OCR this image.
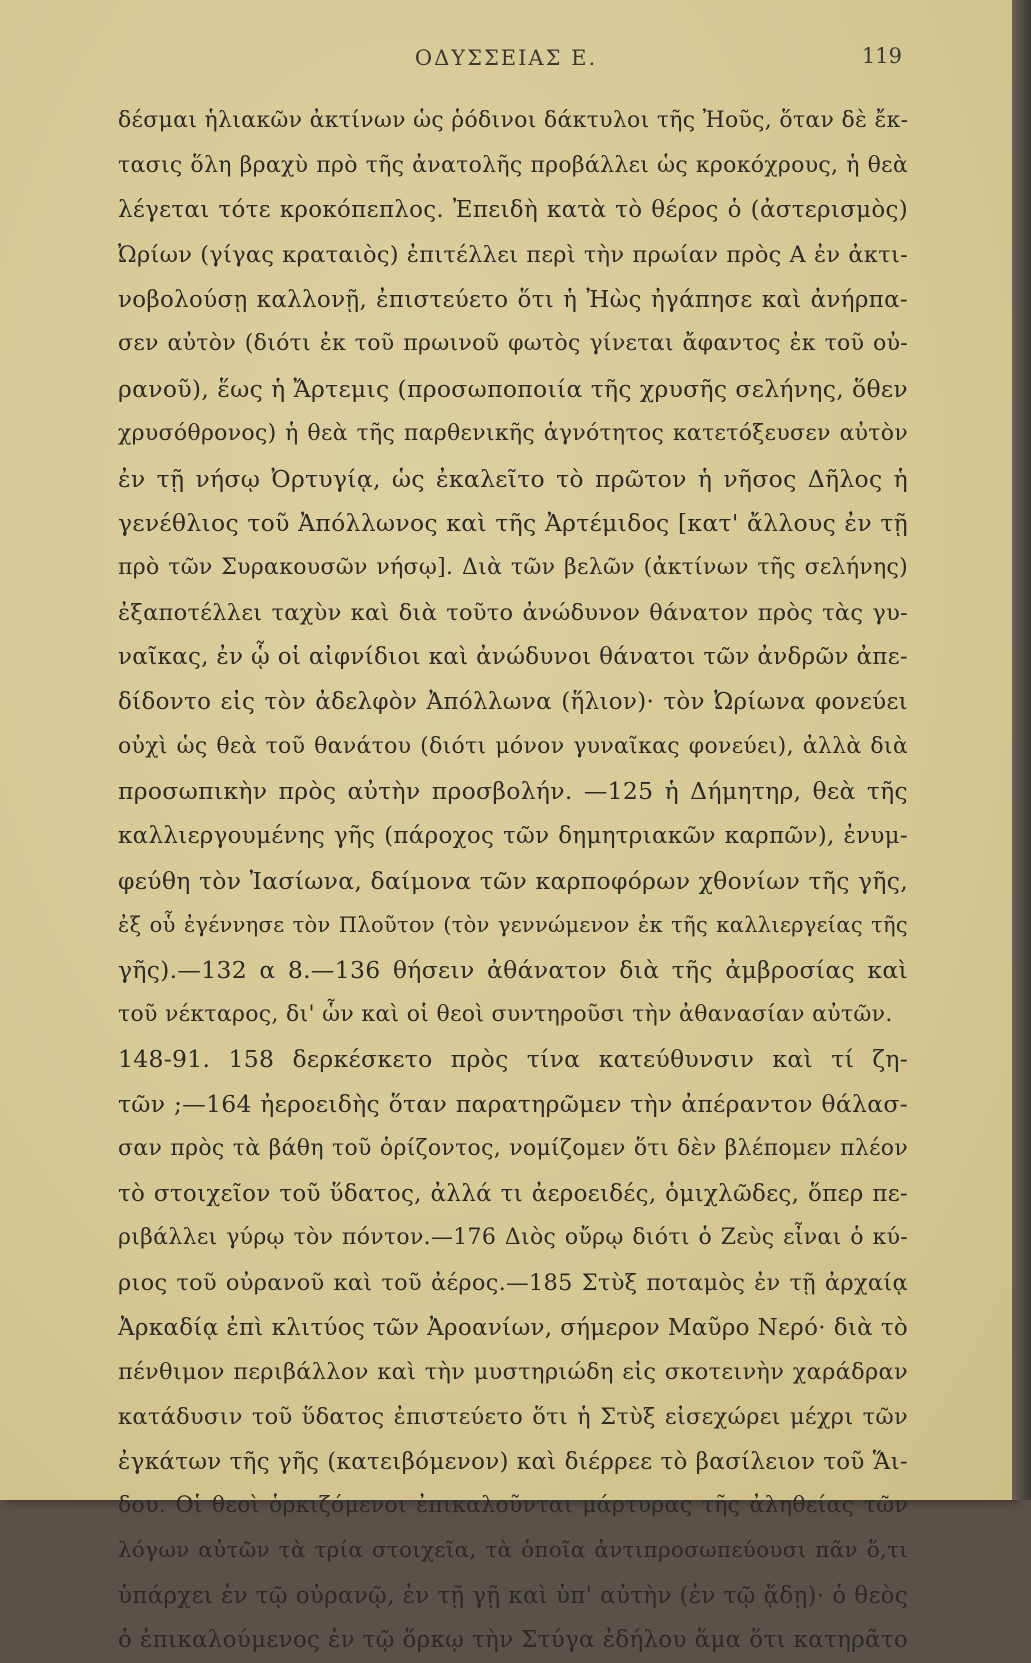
ΟΔΥΣΣΕΙΑΣ Ε.	119
δέσμαι ἡλιακῶν ἀκτίνων ὡς ῥόδινοι δάκτυλοι τῆς Ἠοῦς, ὅταν δὲ ἔκ-
τασις ὅλη βραχὺ πρὸ τῆς ἀνατολῆς προβάλλει ὡς κροκόχρους, ἡ θεὰ
λέγεται τότε κροκόπεπλος. Ἐπειδὴ κατὰ τὸ θέρος ὁ (ἀστερισμὸς)
Ὠρίων (γίγας κραταιὸς) ἐπιτέλλει περὶ τὴν πρωίαν πρὸς Α ἐν ἀκτι-
νοβολούσῃ καλλονῇ, ἐπιστεύετο ὅτι ἡ Ἠὼς ἠγάπησε καὶ ἀνήρπα-
σεν αὐτὸν (διότι ἐκ τοῦ πρωινοῦ φωτὸς γίνεται ἄφαντος ἐκ τοῦ οὐ-
ρανοῦ), ἕως ἡ Ἄρτεμις (προσωποποιία τῆς χρυσῆς σελήνης, ὅθεν
χρυσόθρονος) ἡ θεὰ τῆς παρθενικῆς ἁγνότητος κατετόξευσεν αὐτὸν
ἐν τῇ νήσῳ Ὀρτυγίᾳ, ὡς ἐκαλεῖτο τὸ πρῶτον ἡ νῆσος Δῆλος ἡ
γενέθλιος τοῦ Ἀπόλλωνος καὶ τῆς Ἀρτέμιδος [κατ' ἄλλους ἐν τῇ
πρὸ τῶν Συρακουσῶν νήσῳ]. Διὰ τῶν βελῶν (ἀκτίνων τῆς σελήνης)
ἐξαποτέλλει ταχὺν καὶ διὰ τοῦτο ἀνώδυνον θάνατον πρὸς τὰς γυ-
ναῖκας, ἐν ᾧ οἱ αἰφνίδιοι καὶ ἀνώδυνοι θάνατοι τῶν ἀνδρῶν ἀπε-
δίδοντο εἰς τὸν ἀδελφὸν Ἀπόλλωνα (ἥλιον)· τὸν Ὠρίωνα φονεύει
οὐχὶ ὡς θεὰ τοῦ θανάτου (διότι μόνον γυναῖκας φονεύει), ἀλλὰ διὰ
προσωπικὴν πρὸς αὐτὴν προσβολήν. —125 ἡ Δήμητηρ, θεὰ τῆς
καλλιεργουμένης γῆς (πάροχος τῶν δημητριακῶν καρπῶν), ἐνυμ-
φεύθη τὸν Ἰασίωνα, δαίμονα τῶν καρποφόρων χθονίων τῆς γῆς,
ἐξ οὗ ἐγέννησε τὸν Πλοῦτον (τὸν γεννώμενον ἐκ τῆς καλλιεργείας τῆς
γῆς).—132 α 8.—136 θήσειν ἀθάνατον διὰ τῆς ἀμβροσίας καὶ
τοῦ νέκταρος, δι' ὧν καὶ οἱ θεοὶ συντηροῦσι τὴν ἀθανασίαν αὐτῶν.
148-91. 158 δερκέσκετο πρὸς τίνα κατεύθυνσιν καὶ τί ζη-
τῶν ;—164 ἠεροειδὴς ὅταν παρατηρῶμεν τὴν ἀπέραντον θάλασ-
σαν πρὸς τὰ βάθη τοῦ ὁρίζοντος, νομίζομεν ὅτι δὲν βλέπομεν πλέον
τὸ στοιχεῖον τοῦ ὕδατος, ἀλλά τι ἀεροειδές, ὁμιχλῶδες, ὅπερ πε-
ριβάλλει γύρῳ τὸν πόντον.—176 Διὸς οὔρῳ διότι ὁ Ζεὺς εἶναι ὁ κύ-
ριος τοῦ οὐρανοῦ καὶ τοῦ ἀέρος.—185 Στὺξ ποταμὸς ἐν τῇ ἀρχαίᾳ
Ἀρκαδίᾳ ἐπὶ κλιτύος τῶν Ἀροανίων, σήμερον Μαῦρο Νερό· διὰ τὸ
πένθιμον περιβάλλον καὶ τὴν μυστηριώδη εἰς σκοτεινὴν χαράδραν
κατάδυσιν τοῦ ὕδατος ἐπιστεύετο ὅτι ἡ Στὺξ εἰσεχώρει μέχρι τῶν
ἐγκάτων τῆς γῆς (κατειβόμενον) καὶ διέρρεε τὸ βασίλειον τοῦ Ἅι-
δου. Οἱ θεοὶ ὁρκιζόμενοι ἐπικαλοῦνται μάρτυρας τῆς ἀληθείας τῶν
λόγων αὐτῶν τὰ τρία στοιχεῖα, τὰ ὁποῖα ἀντιπροσωπεύουσι πᾶν ὅ,τι
ὑπάρχει ἐν τῷ οὐρανῷ, ἐν τῇ γῇ καὶ ὑπ' αὐτὴν (ἐν τῷ ᾅδῃ)· ὁ θεὸς
ὁ ἐπικαλούμενος ἐν τῷ ὅρκῳ τὴν Στύγα ἐδήλου ἅμα ὅτι κατηρᾶτο
